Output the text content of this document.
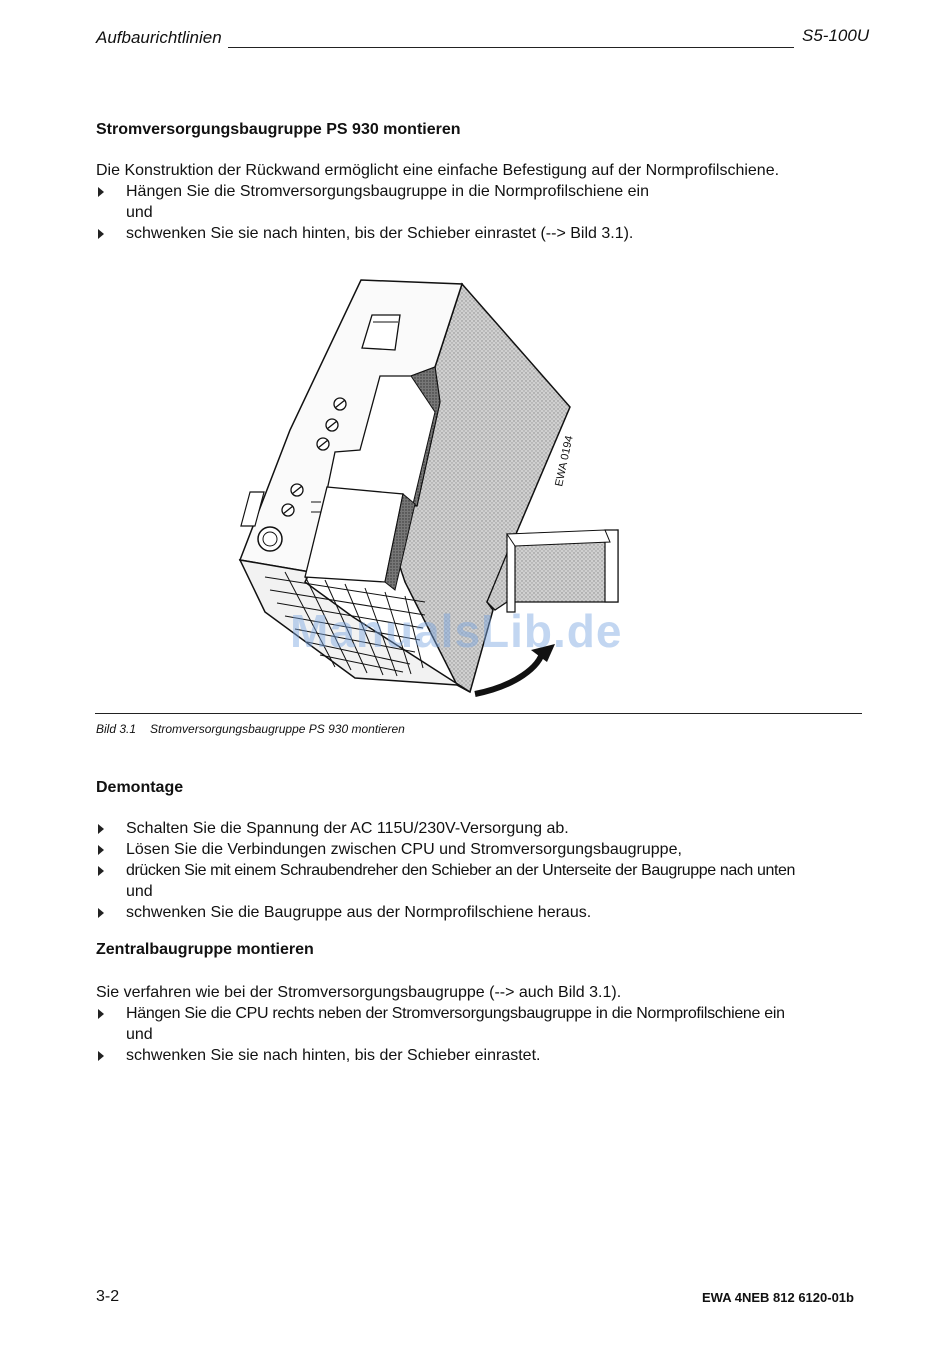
Aufbaurichtlinien	S5-100U
Stromversorgungsbaugruppe PS 930 montieren
Die Konstruktion der Rückwand ermöglicht eine einfache Befestigung auf der Normprofilschiene.
Hängen Sie die Stromversorgungsbaugruppe in die Normprofilschiene ein
und
schwenken Sie sie nach hinten, bis der Schieber einrastet (--> Bild 3.1).
EWA 0194
ManualsLib.de
Bild 3.1 Stromversorgungsbaugruppe PS 930 montieren
Demontage
Schalten Sie die Spannung der AC 115U/230V-Versorgung ab.
Lösen Sie die Verbindungen zwischen CPU und Stromversorgungsbaugruppe,
drücken Sie mit einem Schraubendreher den Schieber an der Unterseite der Baugruppe nach unten
und
schwenken Sie die Baugruppe aus der Normprofilschiene heraus.
Zentralbaugruppe montieren
Sie verfahren wie bei der Stromversorgungsbaugruppe (--> auch Bild 3.1).
Hängen Sie die CPU rechts neben der Stromversorgungsbaugruppe in die Normprofilschiene ein
und
schwenken Sie sie nach hinten, bis der Schieber einrastet.
3-2	EWA 4NEB 812 6120-01b
